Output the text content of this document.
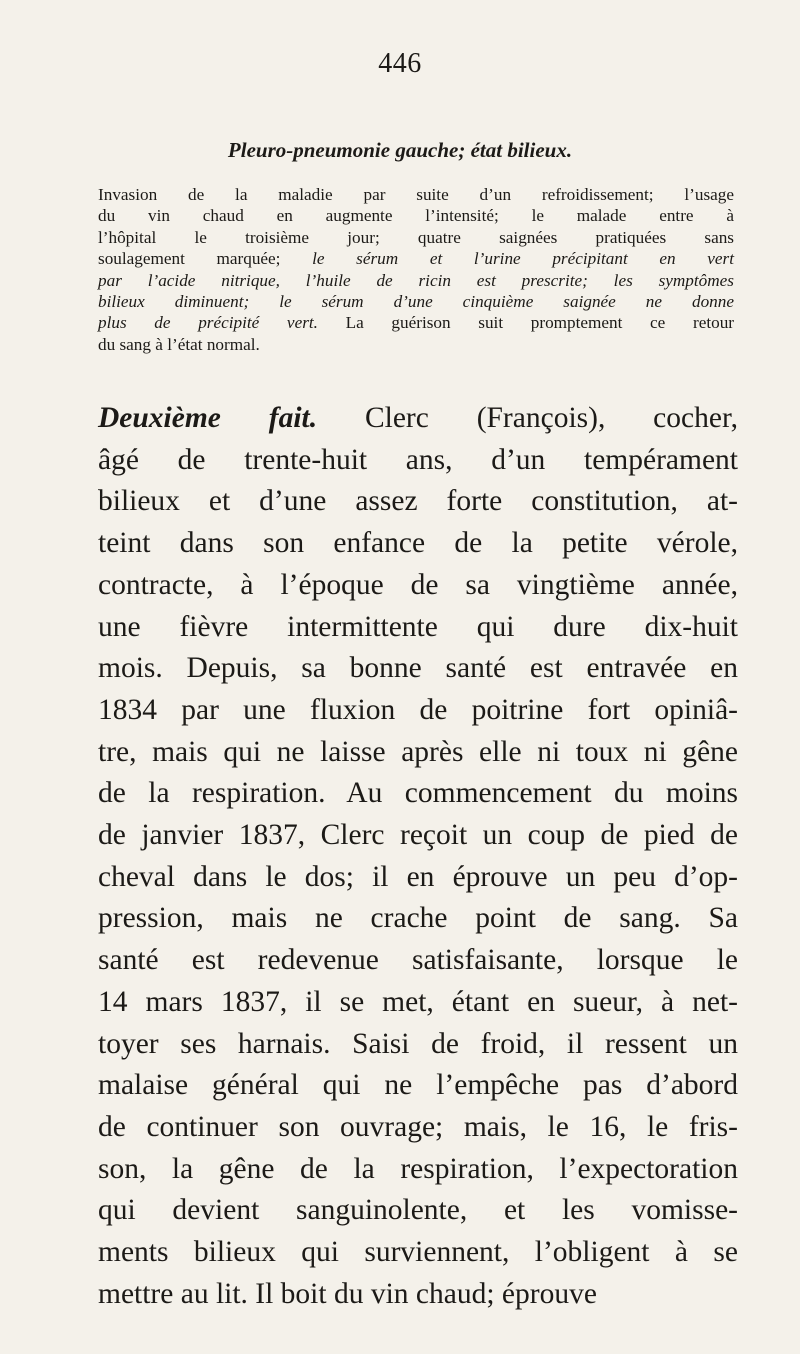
446
Pleuro-pneumonie gauche; état bilieux.
Invasion de la maladie par suite d’un refroidissement; l’usage
du vin chaud en augmente l’intensité; le malade entre à
l’hôpital le troisième jour; quatre saignées pratiquées sans
soulagement marquée; le sérum et l’urine précipitant en vert
par l’acide nitrique, l’huile de ricin est prescrite; les symptômes
bilieux diminuent; le sérum d’une cinquième saignée ne donne
plus de précipité vert. La guérison suit promptement ce retour
du sang à l’état normal.
Deuxième fait. Clerc (François), cocher,
âgé de trente-huit ans, d’un tempérament
bilieux et d’une assez forte constitution, at-
teint dans son enfance de la petite vérole,
contracte, à l’époque de sa vingtième année,
une fièvre intermittente qui dure dix-huit
mois. Depuis, sa bonne santé est entravée en
1834 par une fluxion de poitrine fort opiniâ-
tre, mais qui ne laisse après elle ni toux ni gêne
de la respiration. Au commencement du moins
de janvier 1837, Clerc reçoit un coup de pied de
cheval dans le dos; il en éprouve un peu d’op-
pression, mais ne crache point de sang. Sa
santé est redevenue satisfaisante, lorsque le
14 mars 1837, il se met, étant en sueur, à net-
toyer ses harnais. Saisi de froid, il ressent un
malaise général qui ne l’empêche pas d’abord
de continuer son ouvrage; mais, le 16, le fris-
son, la gêne de la respiration, l’expectoration
qui devient sanguinolente, et les vomisse-
ments bilieux qui surviennent, l’obligent à se
mettre au lit. Il boit du vin chaud; éprouve
